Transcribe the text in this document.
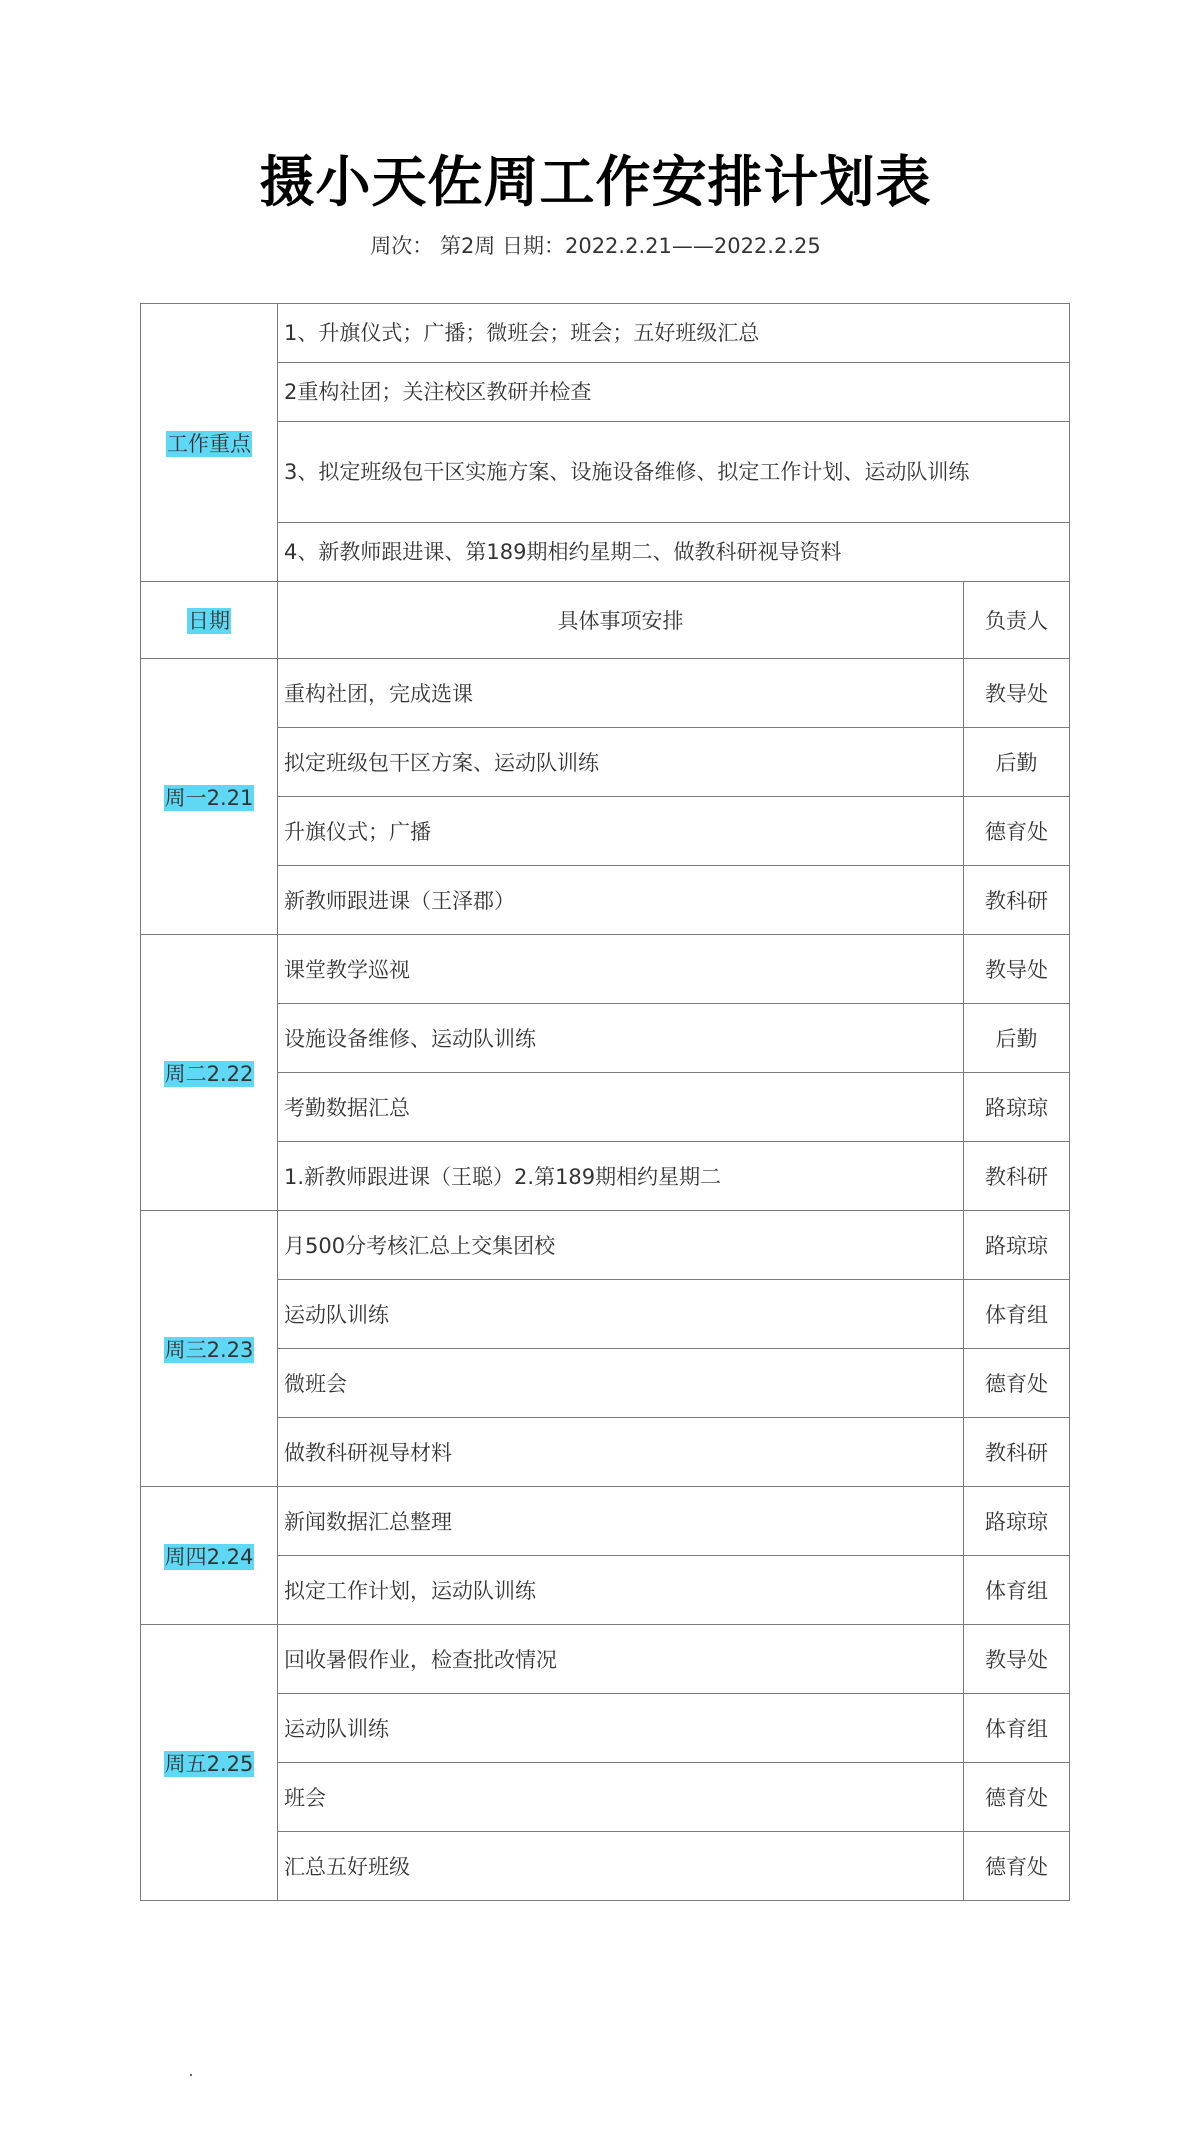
摄小天佐周工作安排计划表
周次： 第2周 日期：2022.2.21——2022.2.25
工作重点	1、升旗仪式；广播；微班会；班会；五好班级汇总	
	2重构社团；关注校区教研并检查	
	3、拟定班级包干区实施方案、设施设备维修、拟定工作计划、运动队训练	
	4、新教师跟进课、第189期相约星期二、做教科研视导资料	
日期	具体事项安排	负责人
周一2.21	重构社团，完成选课	教导处
	拟定班级包干区方案、运动队训练	后勤
	升旗仪式；广播	德育处
	新教师跟进课（王泽郡）	教科研
周二2.22	课堂教学巡视	教导处
	设施设备维修、运动队训练	后勤
	考勤数据汇总	路琼琼
	1.新教师跟进课（王聪）2.第189期相约星期二	教科研
周三2.23	月500分考核汇总上交集团校	路琼琼
	运动队训练	体育组
	微班会	德育处
	做教科研视导材料	教科研
周四2.24	新闻数据汇总整理	路琼琼
	拟定工作计划，运动队训练	体育组
周五2.25	回收暑假作业，检查批改情况	教导处
	运动队训练	体育组
	班会	德育处
	汇总五好班级	德育处
